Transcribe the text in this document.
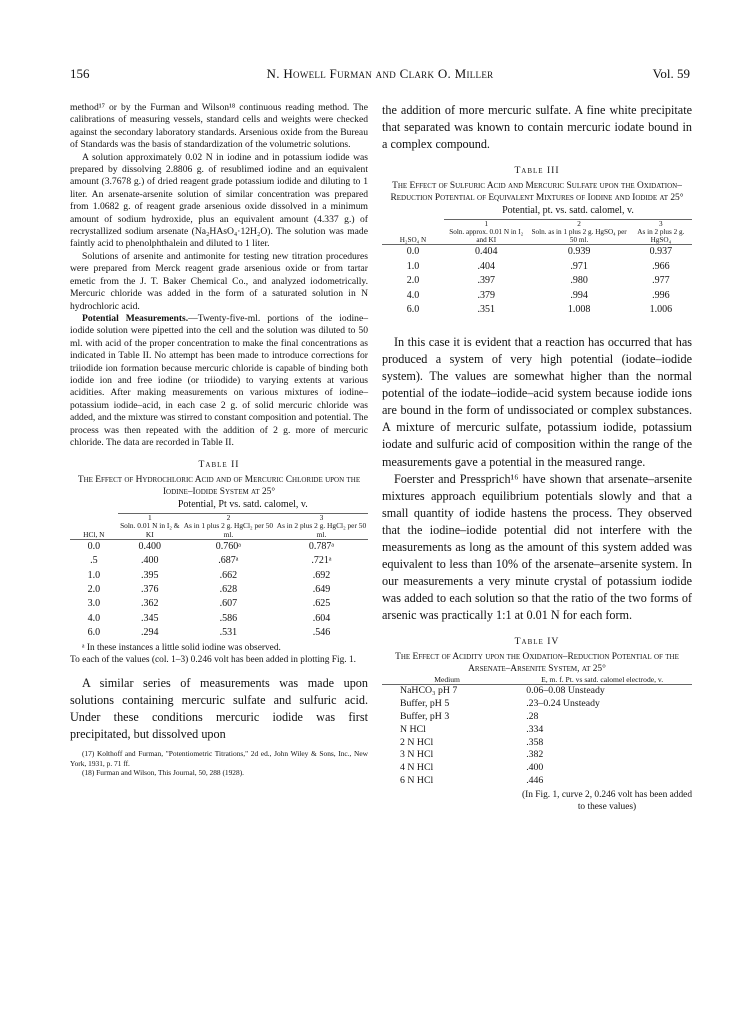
156	N. Howell Furman and Clark O. Miller	Vol. 59

method¹⁷ or by the Furman and Wilson¹⁸ continuous reading method. The calibrations of measuring vessels, standard cells and weights were checked against the secondary laboratory standards. Arsenious oxide from the Bureau of Standards was the basis of standardization of the volumetric solutions.

A solution approximately 0.02 N in iodine and in potassium iodide was prepared by dissolving 2.8806 g. of resublimed iodine and an equivalent amount (3.7678 g.) of dried reagent grade potassium iodide and diluting to 1 liter. An arsenate-arsenite solution of similar concentration was prepared from 1.0682 g. of reagent grade arsenious oxide dissolved in a minimum amount of sodium hydroxide, plus an equivalent amount (4.337 g.) of recrystallized sodium arsenate (Na₂HAsO₄·12H₂O). The solution was made faintly acid to phenolphthalein and diluted to 1 liter.

Solutions of arsenite and antimonite for testing new titration procedures were prepared from Merck reagent grade arsenious oxide or from tartar emetic from the J. T. Baker Chemical Co., and analyzed iodometrically. Mercuric chloride was added in the form of a saturated solution in N hydrochloric acid.

Potential Measurements.—Twenty-five-ml. portions of the iodine–iodide solution were pipetted into the cell and the solution was diluted to 50 ml. with acid of the proper concentration to make the final concentrations as indicated in Table II. No attempt has been made to introduce corrections for triiodide ion formation because mercuric chloride is capable of binding both iodide ion and free iodine (or triiodide) to varying extents at various acidities. After making measurements on various mixtures of iodine–potassium iodide–acid, in each case 2 g. of solid mercuric chloride was added, and the mixture was stirred to constant composition and potential. The process was then repeated with the addition of 2 g. more of mercuric chloride. The data are recorded in Table II.

Table II
The Effect of Hydrochloric Acid and of Mercuric Chloride upon the Iodine–Iodide System at 25°
	Potential, Pt vs. satd. calomel, v.		
	1	2	3
HCl, N	Soln. 0.01 N in I₂ & KI	As in 1 plus 2 g. HgCl₂ per 50 ml.	As in 2 plus 2 g. HgCl₂ per 50 ml.
0.0	0.400	0.760ᵃ	0.787ᵃ
.5	.400	.687ᵃ	.721ᵃ
1.0	.395	.662	.692
2.0	.376	.628	.649
3.0	.362	.607	.625
4.0	.345	.586	.604
6.0	.294	.531	.546

ᵃ In these instances a little solid iodine was observed.

To each of the values (col. 1–3) 0.246 volt has been added in plotting Fig. 1.

A similar series of measurements was made upon solutions containing mercuric sulfate and sulfuric acid. Under these conditions mercuric iodide was first precipitated, but dissolved upon

(17) Kolthoff and Furman, "Potentiometric Titrations," 2d ed., John Wiley & Sons, Inc., New York, 1931, p. 71 ff.

(18) Furman and Wilson, This Journal, 50, 288 (1928).

the addition of more mercuric sulfate. A fine white precipitate that separated was known to contain mercuric iodate bound in a complex compound.

Table III
The Effect of Sulfuric Acid and Mercuric Sulfate upon the Oxidation–Reduction Potential of Equivalent Mixtures of Iodine and Iodide at 25°
	Potential, pt. vs. satd. calomel, v.		
	1	2	3
H₂SO₄ N	Soln. approx. 0.01 N in I₂ and KI	Soln. as in 1 plus 2 g. HgSO₄ per 50 ml.	As in 2 plus 2 g. HgSO₄
0.0	0.404	0.939	0.937
1.0	.404	.971	.966
2.0	.397	.980	.977
4.0	.379	.994	.996
6.0	.351	1.008	1.006

In this case it is evident that a reaction has occurred that has produced a system of very high potential (iodate–iodide system). The values are somewhat higher than the normal potential of the iodate–iodide–acid system because iodide ions are bound in the form of undissociated or complex substances. A mixture of mercuric sulfate, potassium iodide, potassium iodate and sulfuric acid of composition within the range of the measurements gave a potential in the measured range.

Foerster and Pressprich¹⁶ have shown that arsenate–arsenite mixtures approach equilibrium potentials slowly and that a small quantity of iodide hastens the process. They observed that the iodine–iodide potential did not interfere with the measurements as long as the amount of this system added was equivalent to less than 10% of the arsenate–arsenite system. In our measurements a very minute crystal of potassium iodide was added to each solution so that the ratio of the two forms of arsenic was practically 1:1 at 0.01 N for each form.

Table IV
The Effect of Acidity upon the Oxidation–Reduction Potential of the Arsenate–Arsenite System, at 25°
Medium	E, m. f. Pt. vs satd. calomel electrode, v.
NaHCO₃ pH 7	0.06–0.08 Unsteady
Buffer, pH 5	.23–0.24 Unsteady
Buffer, pH 3	.28
N HCl	.334
2 N HCl	.358
3 N HCl	.382
4 N HCl	.400
6 N HCl	.446

(In Fig. 1, curve 2, 0.246 volt has been added to these values)
